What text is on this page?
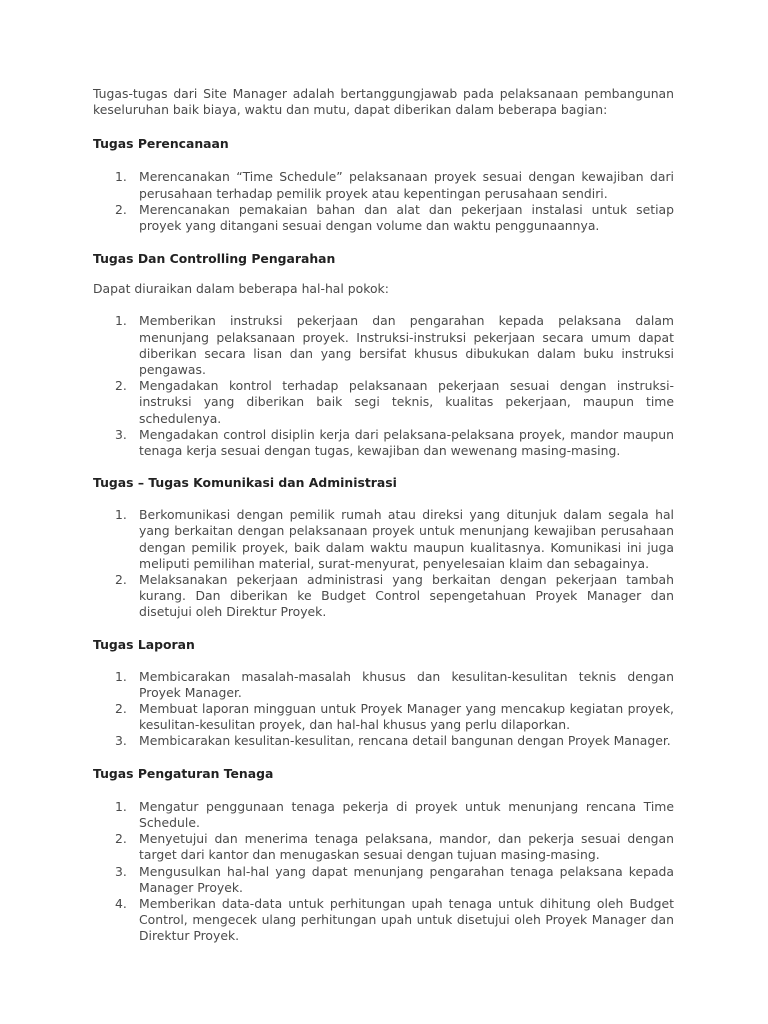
Tugas-tugas dari Site Manager adalah bertanggungjawab pada pelaksanaan pembangunan keseluruhan baik biaya, waktu dan mutu, dapat diberikan dalam beberapa bagian:

Tugas Perencanaan
1. Merencanakan “Time Schedule” pelaksanaan proyek sesuai dengan kewajiban dari perusahaan terhadap pemilik proyek atau kepentingan perusahaan sendiri.
2. Merencanakan pemakaian bahan dan alat dan pekerjaan instalasi untuk setiap proyek yang ditangani sesuai dengan volume dan waktu penggunaannya.
Tugas Dan Controlling Pengarahan

Dapat diuraikan dalam beberapa hal-hal pokok:

1. Memberikan instruksi pekerjaan dan pengarahan kepada pelaksana dalam menunjang pelaksanaan proyek. Instruksi-instruksi pekerjaan secara umum dapat diberikan secara lisan dan yang bersifat khusus dibukukan dalam buku instruksi pengawas.
2. Mengadakan kontrol terhadap pelaksanaan pekerjaan sesuai dengan instruksi-instruksi yang diberikan baik segi teknis, kualitas pekerjaan, maupun time schedulenya.
3. Mengadakan control disiplin kerja dari pelaksana-pelaksana proyek, mandor maupun tenaga kerja sesuai dengan tugas, kewajiban dan wewenang masing-masing.
Tugas – Tugas Komunikasi dan Administrasi
1. Berkomunikasi dengan pemilik rumah atau direksi yang ditunjuk dalam segala hal yang berkaitan dengan pelaksanaan proyek untuk menunjang kewajiban perusahaan dengan pemilik proyek, baik dalam waktu maupun kualitasnya. Komunikasi ini juga meliputi pemilihan material, surat-menyurat, penyelesaian klaim dan sebagainya.
2. Melaksanakan pekerjaan administrasi yang berkaitan dengan pekerjaan tambah kurang. Dan diberikan ke Budget Control sepengetahuan Proyek Manager dan disetujui oleh Direktur Proyek.
Tugas Laporan
1. Membicarakan masalah-masalah khusus dan kesulitan-kesulitan teknis dengan Proyek Manager.
2. Membuat laporan mingguan untuk Proyek Manager yang mencakup kegiatan proyek, kesulitan-kesulitan proyek, dan hal-hal khusus yang perlu dilaporkan.
3. Membicarakan kesulitan-kesulitan, rencana detail bangunan dengan Proyek Manager.
Tugas Pengaturan Tenaga
1. Mengatur penggunaan tenaga pekerja di proyek untuk menunjang rencana Time Schedule.
2. Menyetujui dan menerima tenaga pelaksana, mandor, dan pekerja sesuai dengan target dari kantor dan menugaskan sesuai dengan tujuan masing-masing.
3. Mengusulkan hal-hal yang dapat menunjang pengarahan tenaga pelaksana kepada Manager Proyek.
4. Memberikan data-data untuk perhitungan upah tenaga untuk dihitung oleh Budget Control, mengecek ulang perhitungan upah untuk disetujui oleh Proyek Manager dan Direktur Proyek.
